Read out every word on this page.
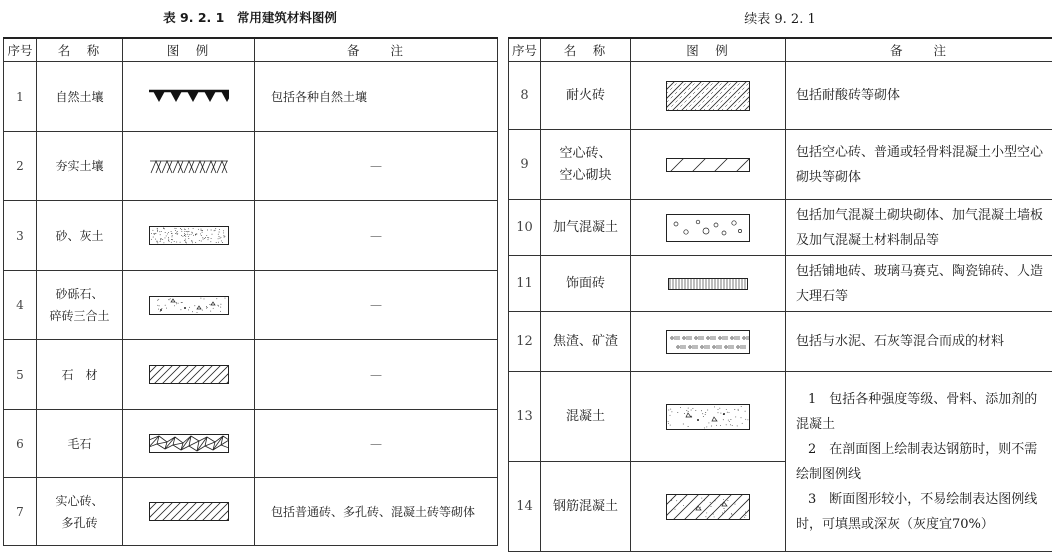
表 9. 2. 1　常用建筑材料图例	续表 9. 2. 1
序号	名　称	图　例	备　　注
1	自然土壤		包括各种自然土壤
2	夯实土壤		—
3	砂、灰土		—
4	砂砾石、
碎砖三合土		—
5	石　材		—
6	毛石		—
7	实心砖、
多孔砖		包括普通砖、多孔砖、混凝土砖等砌体
序号	名　称	图　例	备　　注
8	耐火砖		包括耐酸砖等砌体
9	空心砖、
空心砌块		包括空心砖、普通或轻骨料混凝土小型空心砌块等砌体
10	加气混凝土		包括加气混凝土砌块砌体、加气混凝土墙板及加气混凝土材料制品等
11	饰面砖		包括铺地砖、玻璃马赛克、陶瓷锦砖、人造大理石等
12	焦渣、矿渣		包括与水泥、石灰等混合而成的材料
13	混凝土		1　包括各种强度等级、骨料、添加剂的混凝土
2　在剖面图上绘制表达钢筋时，则不需绘制图例线
3　断面图形较小，不易绘制表达图例线时，可填黑或深灰（灰度宜70%）

14	钢筋混凝土
